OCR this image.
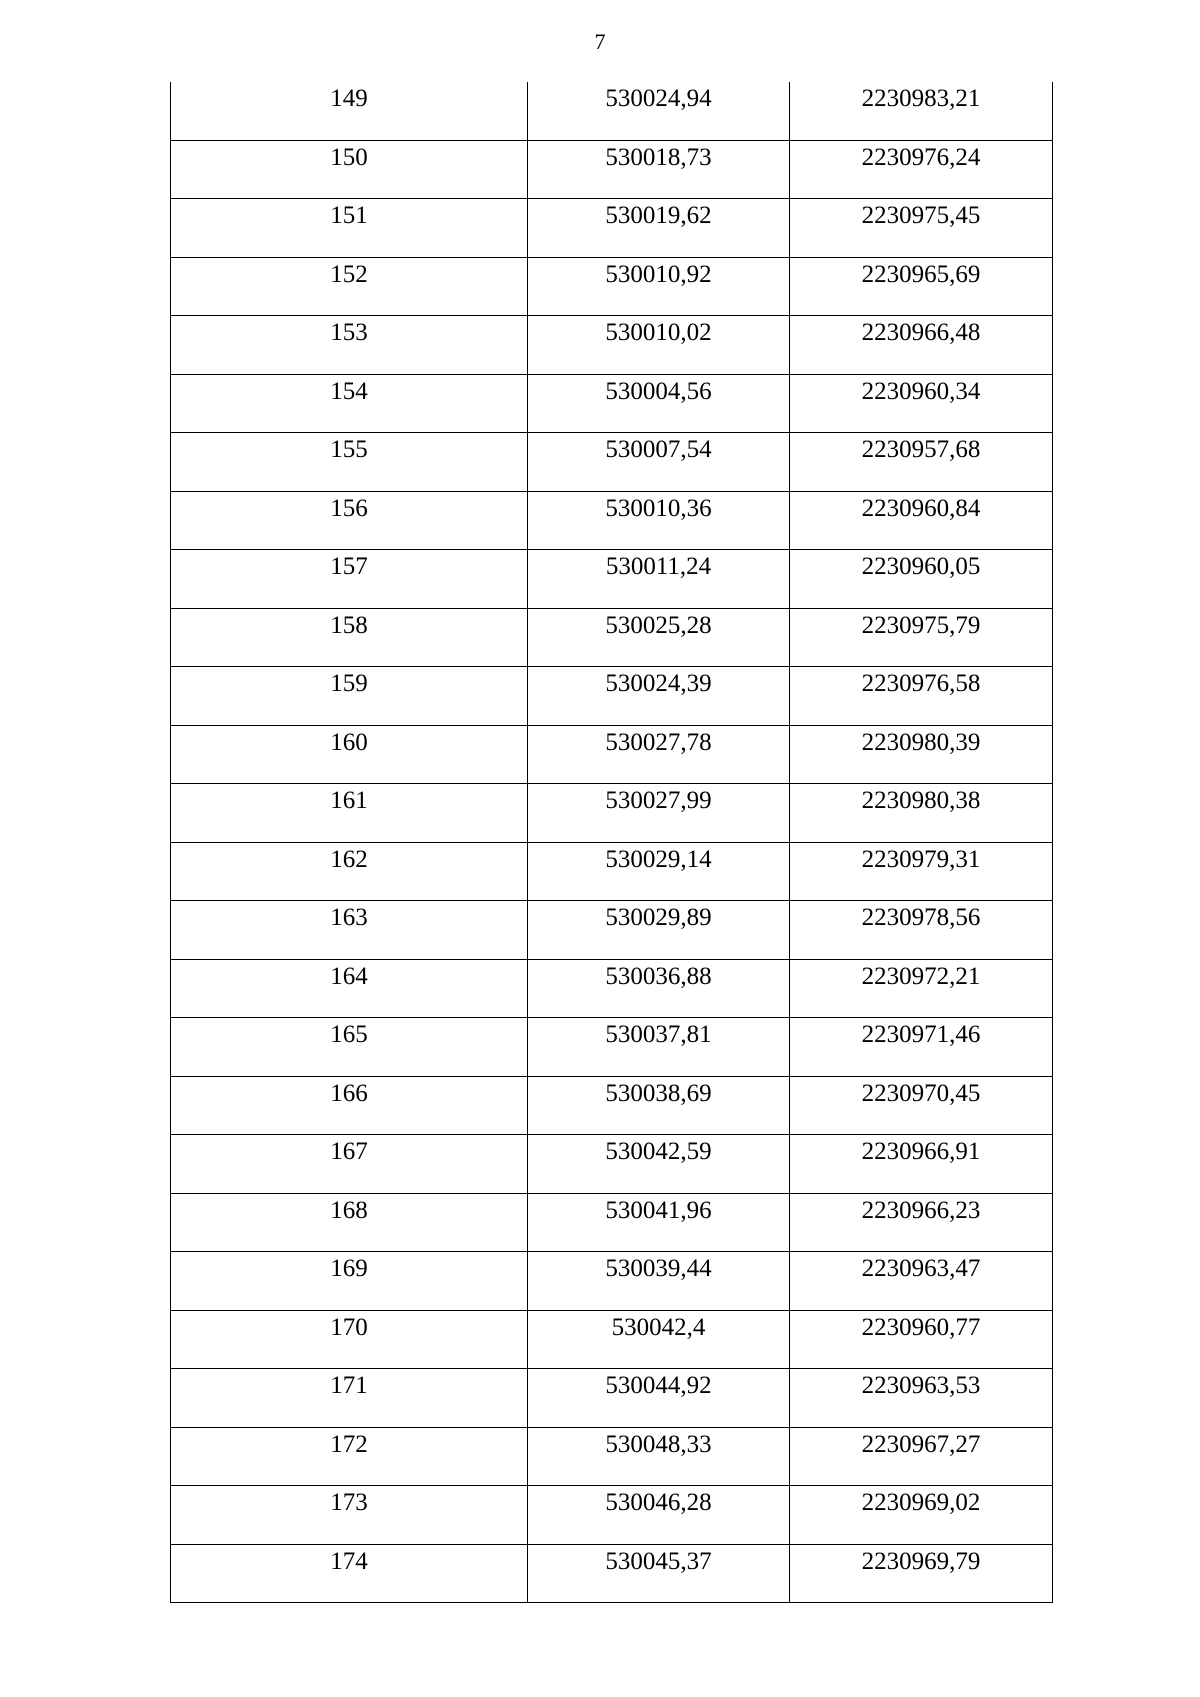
7
149	530024,94	2230983,21
150	530018,73	2230976,24
151	530019,62	2230975,45
152	530010,92	2230965,69
153	530010,02	2230966,48
154	530004,56	2230960,34
155	530007,54	2230957,68
156	530010,36	2230960,84
157	530011,24	2230960,05
158	530025,28	2230975,79
159	530024,39	2230976,58
160	530027,78	2230980,39
161	530027,99	2230980,38
162	530029,14	2230979,31
163	530029,89	2230978,56
164	530036,88	2230972,21
165	530037,81	2230971,46
166	530038,69	2230970,45
167	530042,59	2230966,91
168	530041,96	2230966,23
169	530039,44	2230963,47
170	530042,4	2230960,77
171	530044,92	2230963,53
172	530048,33	2230967,27
173	530046,28	2230969,02
174	530045,37	2230969,79
